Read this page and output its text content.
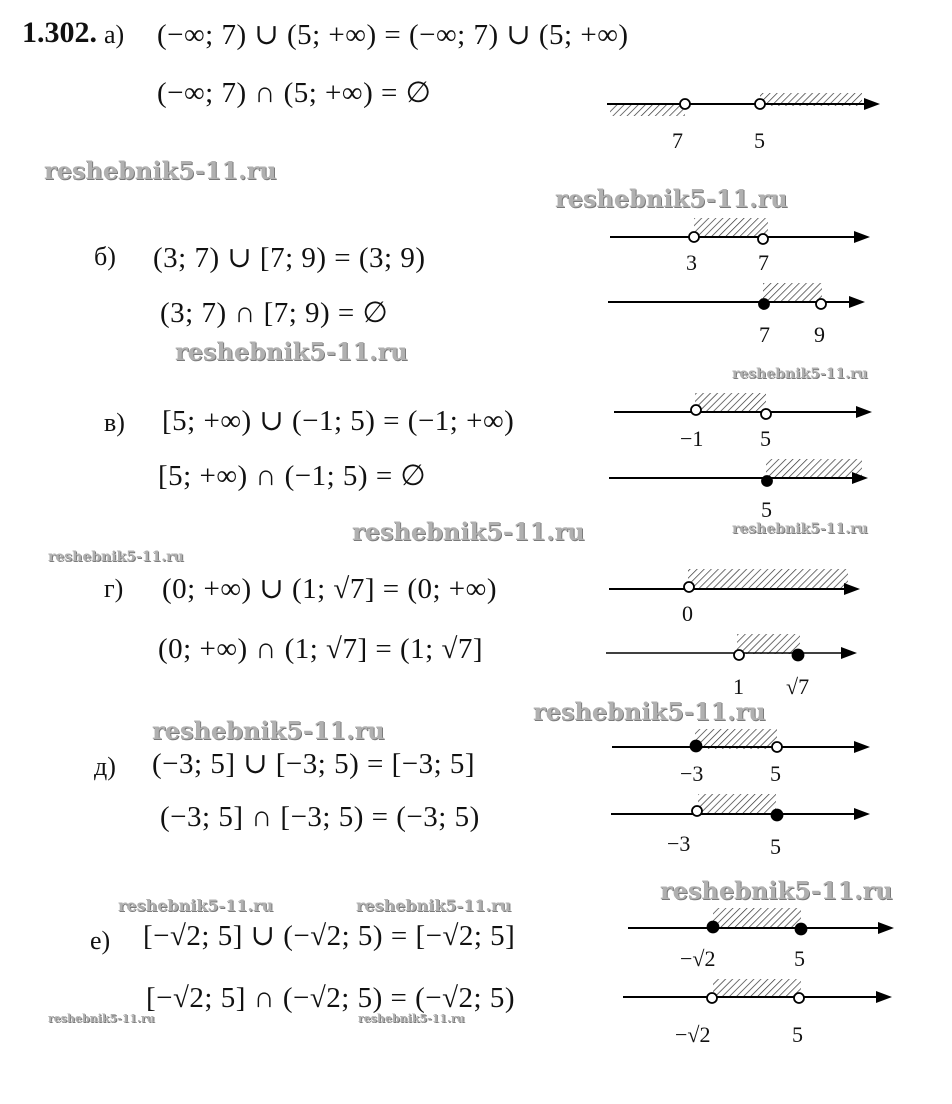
1.302. а) (−∞; 7) ∪ (5; +∞) = (−∞; 7) ∪ (5; +∞)
(−∞; 7) ∩ (5; +∞) = ∅
б) (3; 7) ∪ [7; 9) = (3; 9)
(3; 7) ∩ [7; 9) = ∅
в) [5; +∞) ∪ (−1; 5) = (−1; +∞)
[5; +∞) ∩ (−1; 5) = ∅
г) (0; +∞) ∪ (1; √7] = (0; +∞)
(0; +∞) ∩ (1; √7] = (1; √7]
д) (−3; 5] ∪ [−3; 5) = [−3; 5]
(−3; 5] ∩ [−3; 5) = (−3; 5)
е) [−√2; 5] ∪ (−√2; 5) = [−√2; 5]
[−√2; 5] ∩ (−√2; 5) = (−√2; 5)
reshebnik5-11.ru
reshebnik5-11.ru
reshebnik5-11.ru
reshebnik5-11.ru
reshebnik5-11.ru	reshebnik5-11.ru
reshebnik5-11.ru
reshebnik5-11.ru
reshebnik5-11.ru
reshebnik5-11.ru
reshebnik5-11.ru	reshebnik5-11.ru
reshebnik5-11.ru	reshebnik5-11.ru
7	5
3	7
7 9
−1	5
5
0
1 √7
−3	5
−3	5
−√2	5
−√2	5
